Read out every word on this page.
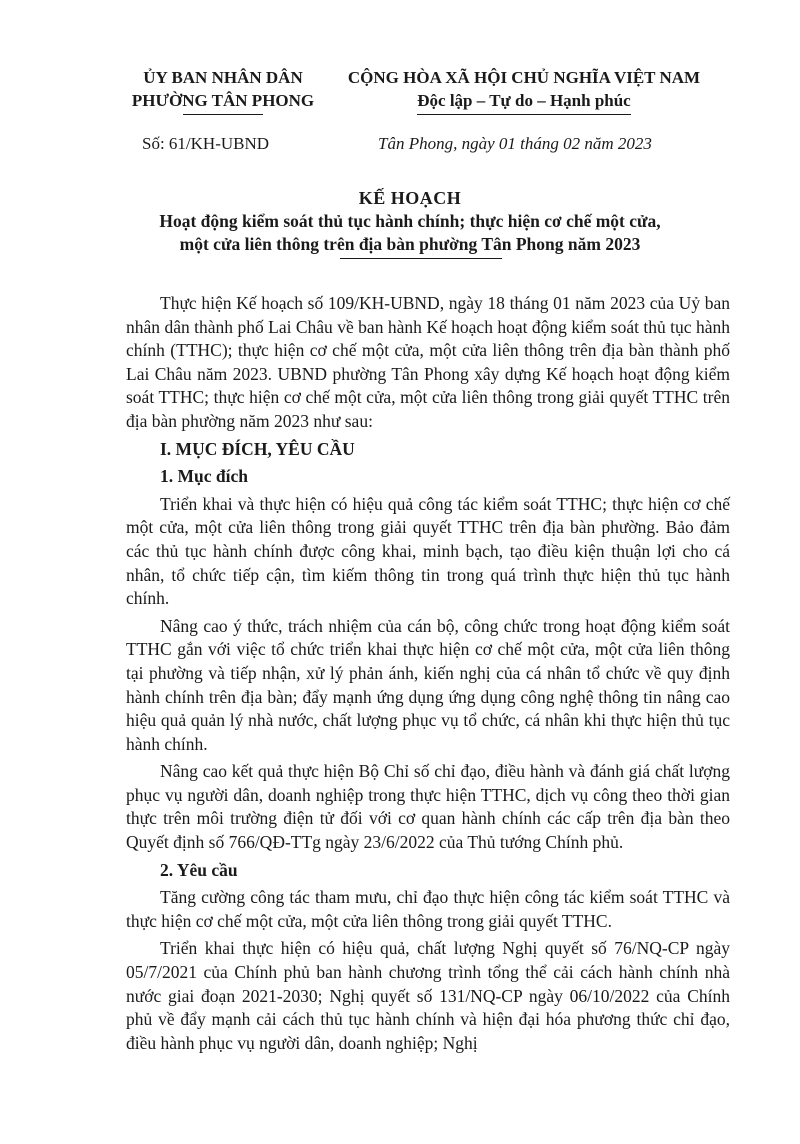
ỦY BAN NHÂN DÂN
PHƯỜNG TÂN PHONG
CỘNG HÒA XÃ HỘI CHỦ NGHĨA VIỆT NAM
Độc lập – Tự do – Hạnh phúc
Số: 61/KH-UBND	Tân Phong, ngày 01 tháng 02 năm 2023
KẾ HOẠCH
Hoạt động kiểm soát thủ tục hành chính; thực hiện cơ chế một cửa,
một cửa liên thông trên địa bàn phường Tân Phong năm 2023

Thực hiện Kế hoạch số 109/KH-UBND, ngày 18 tháng 01 năm 2023 của Uỷ ban nhân dân thành phố Lai Châu về ban hành Kế hoạch hoạt động kiểm soát thủ tục hành chính (TTHC); thực hiện cơ chế một cửa, một cửa liên thông trên địa bàn thành phố Lai Châu năm 2023. UBND phường Tân Phong xây dựng Kế hoạch hoạt động kiểm soát TTHC; thực hiện cơ chế một cửa, một cửa liên thông trong giải quyết TTHC trên địa bàn phường năm 2023 như sau:

I. MỤC ĐÍCH, YÊU CẦU
1. Mục đích

Triển khai và thực hiện có hiệu quả công tác kiểm soát TTHC; thực hiện cơ chế một cửa, một cửa liên thông trong giải quyết TTHC trên địa bàn phường. Bảo đảm các thủ tục hành chính được công khai, minh bạch, tạo điều kiện thuận lợi cho cá nhân, tổ chức tiếp cận, tìm kiếm thông tin trong quá trình thực hiện thủ tục hành chính.

Nâng cao ý thức, trách nhiệm của cán bộ, công chức trong hoạt động kiểm soát TTHC gắn với việc tổ chức triển khai thực hiện cơ chế một cửa, một cửa liên thông tại phường và tiếp nhận, xử lý phản ánh, kiến nghị của cá nhân tổ chức về quy định hành chính trên địa bàn; đẩy mạnh ứng dụng ứng dụng công nghệ thông tin nâng cao hiệu quả quản lý nhà nước, chất lượng phục vụ tổ chức, cá nhân khi thực hiện thủ tục hành chính.

Nâng cao kết quả thực hiện Bộ Chỉ số chỉ đạo, điều hành và đánh giá chất lượng phục vụ người dân, doanh nghiệp trong thực hiện TTHC, dịch vụ công theo thời gian thực trên môi trường điện tử đối với cơ quan hành chính các cấp trên địa bàn theo Quyết định số 766/QĐ-TTg ngày 23/6/2022 của Thủ tướng Chính phủ.

2. Yêu cầu

Tăng cường công tác tham mưu, chỉ đạo thực hiện công tác kiểm soát TTHC và thực hiện cơ chế một cửa, một cửa liên thông trong giải quyết TTHC.

Triển khai thực hiện có hiệu quả, chất lượng Nghị quyết số 76/NQ-CP ngày 05/7/2021 của Chính phủ ban hành chương trình tổng thể cải cách hành chính nhà nước giai đoạn 2021-2030; Nghị quyết số 131/NQ-CP ngày 06/10/2022 của Chính phủ về đẩy mạnh cải cách thủ tục hành chính và hiện đại hóa phương thức chỉ đạo, điều hành phục vụ người dân, doanh nghiệp; Nghị
